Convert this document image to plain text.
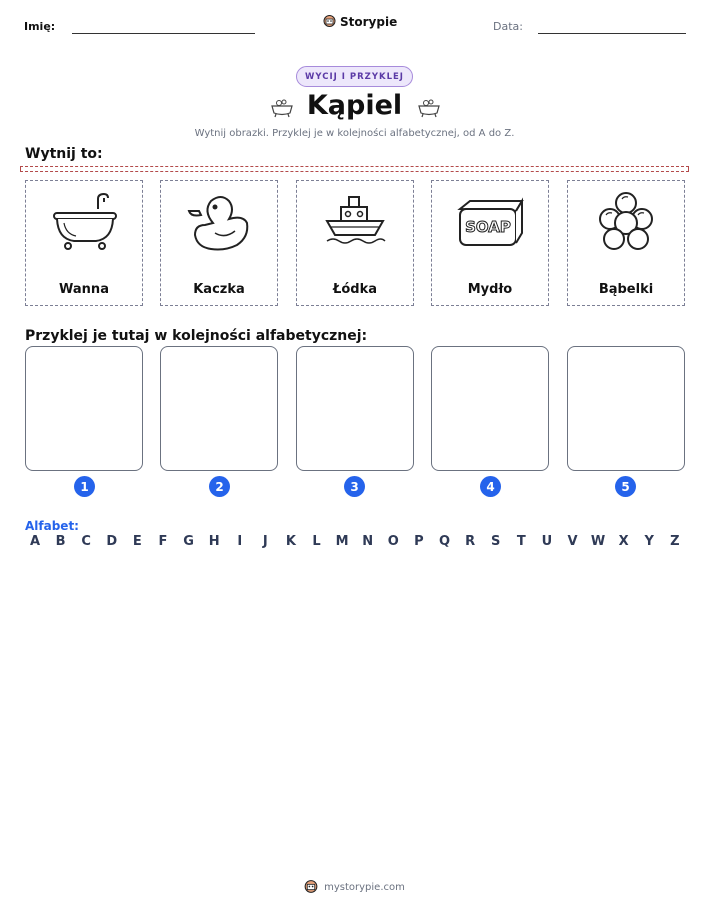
Imię:	Storypie	Data:
WYCIJ I PRZYKLEJ
Kąpiel
Wytnij obrazki. Przyklej je w kolejności alfabetycznej, od A do Z.
Wytnij to:
Wanna	Kaczka	Łódka
SOAP
Mydło	Bąbelki
Przyklej je tutaj w kolejności alfabetycznej:
1	2	3	4	5
Alfabet:
A	B	C	D	E	F	G	H	I	J	K	L	M	N	O	P	Q	R	S	T	U	V	W	X	Y	Z
mystorypie.com
